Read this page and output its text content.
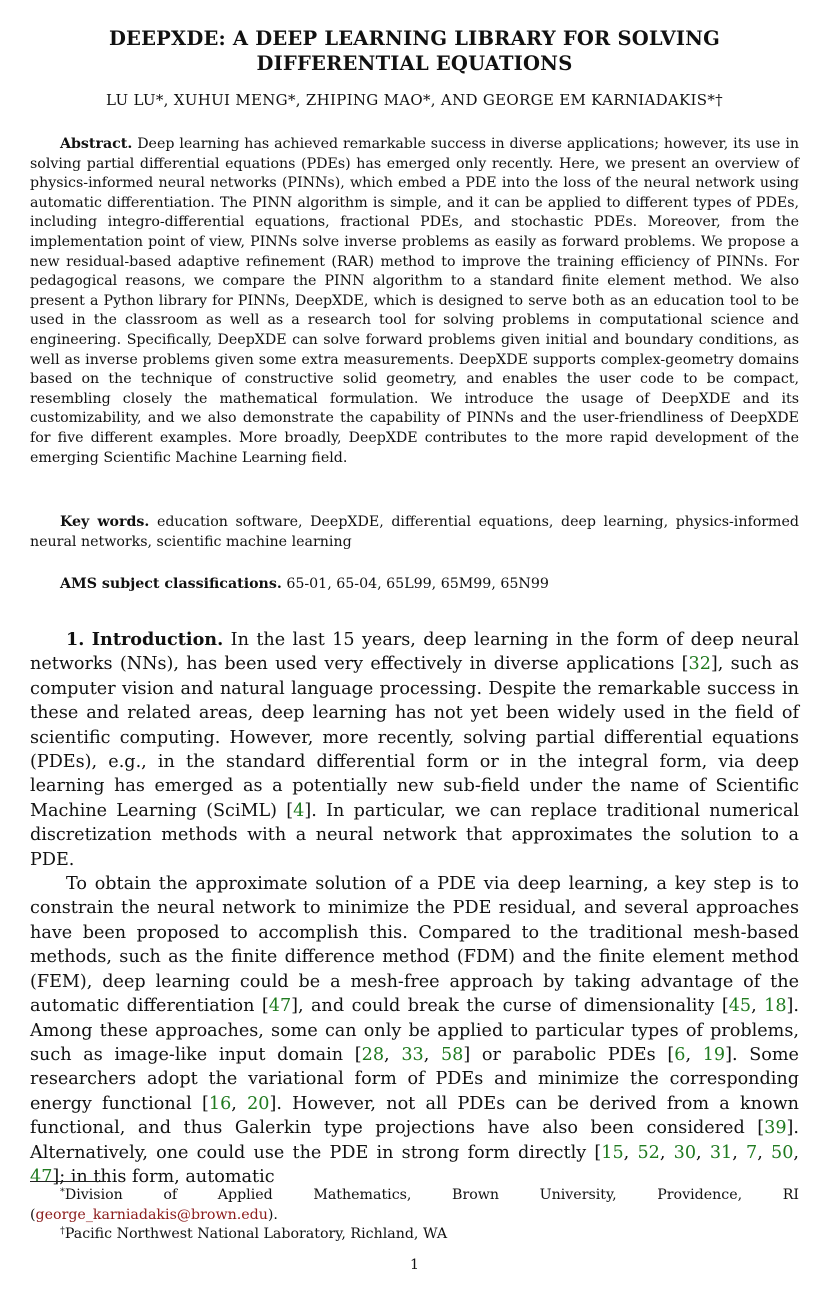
DEEPXDE: A DEEP LEARNING LIBRARY FOR SOLVING
DIFFERENTIAL EQUATIONS
LU LU*, XUHUI MENG*, ZHIPING MAO*, AND GEORGE EM KARNIADAKIS*†
Abstract. Deep learning has achieved remarkable success in diverse applications; however, its use in solving partial differential equations (PDEs) has emerged only recently. Here, we present an overview of physics-informed neural networks (PINNs), which embed a PDE into the loss of the neural network using automatic differentiation. The PINN algorithm is simple, and it can be applied to different types of PDEs, including integro-differential equations, fractional PDEs, and stochastic PDEs. Moreover, from the implementation point of view, PINNs solve inverse problems as easily as forward problems. We propose a new residual-based adaptive refinement (RAR) method to improve the training efficiency of PINNs. For pedagogical reasons, we compare the PINN algorithm to a standard finite element method. We also present a Python library for PINNs, DeepXDE, which is designed to serve both as an education tool to be used in the classroom as well as a research tool for solving problems in computational science and engineering. Specifically, DeepXDE can solve forward problems given initial and boundary conditions, as well as inverse problems given some extra measurements. DeepXDE supports complex-geometry domains based on the technique of constructive solid geometry, and enables the user code to be compact, resembling closely the mathematical formulation. We introduce the usage of DeepXDE and its customizability, and we also demonstrate the capability of PINNs and the user-friendliness of DeepXDE for five different examples. More broadly, DeepXDE contributes to the more rapid development of the emerging Scientific Machine Learning field.
Key words. education software, DeepXDE, differential equations, deep learning, physics-informed neural networks, scientific machine learning
AMS subject classifications. 65-01, 65-04, 65L99, 65M99, 65N99

1. Introduction. In the last 15 years, deep learning in the form of deep neural networks (NNs), has been used very effectively in diverse applications [32], such as computer vision and natural language processing. Despite the remarkable success in these and related areas, deep learning has not yet been widely used in the field of scientific computing. However, more recently, solving partial differential equations (PDEs), e.g., in the standard differential form or in the integral form, via deep learning has emerged as a potentially new sub-field under the name of Scientific Machine Learning (SciML) [4]. In particular, we can replace traditional numerical discretization methods with a neural network that approximates the solution to a PDE.

To obtain the approximate solution of a PDE via deep learning, a key step is to constrain the neural network to minimize the PDE residual, and several approaches have been proposed to accomplish this. Compared to the traditional mesh-based methods, such as the finite difference method (FDM) and the finite element method (FEM), deep learning could be a mesh-free approach by taking advantage of the automatic differentiation [47], and could break the curse of dimensionality [45, 18]. Among these approaches, some can only be applied to particular types of problems, such as image-like input domain [28, 33, 58] or parabolic PDEs [6, 19]. Some researchers adopt the variational form of PDEs and minimize the corresponding energy functional [16, 20]. However, not all PDEs can be derived from a known functional, and thus Galerkin type projections have also been considered [39]. Alternatively, one could use the PDE in strong form directly [15, 52, 30, 31, 7, 50, 47]; in this form, automatic

*Division of Applied Mathematics, Brown University, Providence, RI

(george_karniadakis@brown.edu).

†Pacific Northwest National Laboratory, Richland, WA

1
